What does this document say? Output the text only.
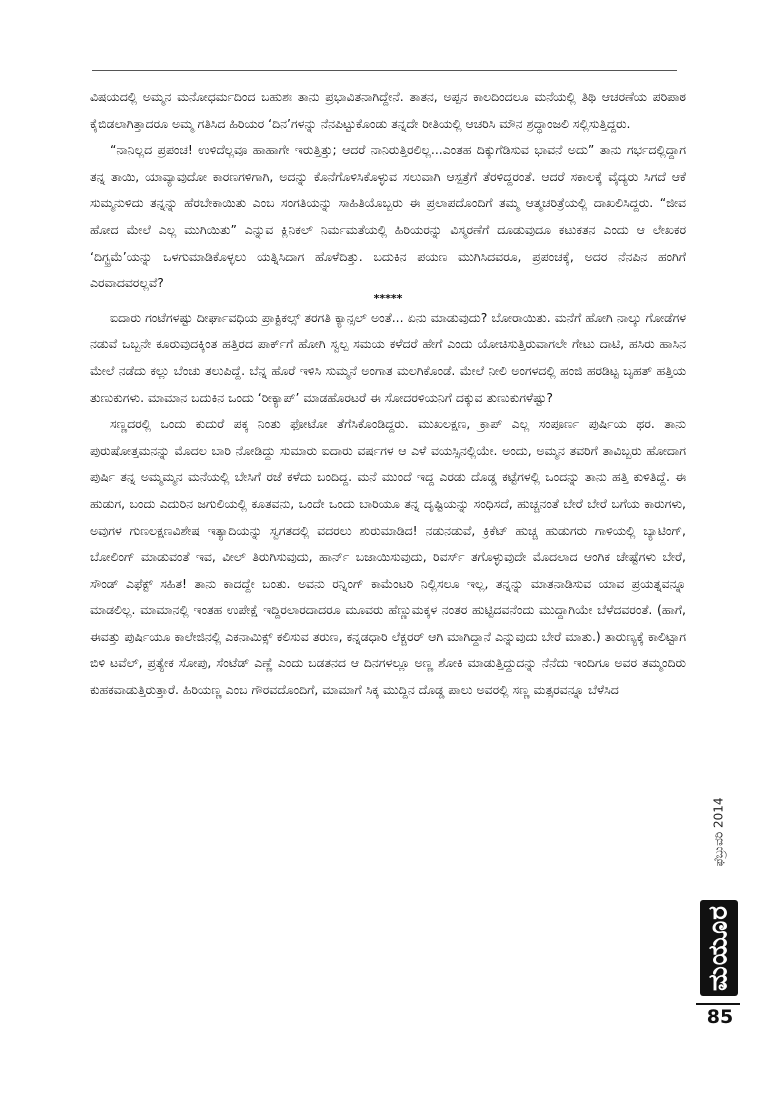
ವಿಷಯದಲ್ಲಿ ಅಮ್ಮನ ಮನೋಧರ್ಮದಿಂದ ಬಹುಶಃ ತಾನು ಪ್ರಭಾವಿತನಾಗಿದ್ದೇನೆ. ತಾತನ, ಅಪ್ಪನ ಕಾಲದಿಂದಲೂ ಮನೆಯಲ್ಲಿ ತಿಥಿ ಆಚರಣೆಯ ಪರಿಪಾಠ ಕೈಬಿಡಲಾಗಿತ್ತಾದರೂ ಅಮ್ಮ ಗತಿಸಿದ ಹಿರಿಯರ ‘ದಿನ’ಗಳನ್ನು ನೆನಪಿಟ್ಟುಕೊಂಡು ತನ್ನದೇ ರೀತಿಯಲ್ಲಿ ಆಚರಿಸಿ ಮೌನ ಶ್ರದ್ಧಾಂಜಲಿ ಸಲ್ಲಿಸುತ್ತಿದ್ದರು.

“ನಾನಿಲ್ಲದ ಪ್ರಪಂಚ! ಉಳಿದೆಲ್ಲವೂ ಹಾಹಾಗೇ ಇರುತ್ತಿತ್ತು; ಆದರೆ ನಾನಿರುತ್ತಿರಲಿಲ್ಲ...ಎಂತಹ ದಿಕ್ಕುಗೆಡಿಸುವ ಭಾವನೆ ಅದು” ತಾನು ಗರ್ಭದಲ್ಲಿದ್ದಾಗ ತನ್ನ ತಾಯಿ, ಯಾವ್ಯಾವುದೋ ಕಾರಣಗಳಿಗಾಗಿ, ಅದನ್ನು ಕೊನೆಗೊಳಿಸಿಕೊಳ್ಳುವ ಸಲುವಾಗಿ ಆಸ್ಪತ್ರೆಗೆ ತೆರಳಿದ್ದರಂತೆ. ಆದರೆ ಸಕಾಲಕ್ಕೆ ವೈದ್ಯರು ಸಿಗದೆ ಆಕೆ ಸುಮ್ಮನುಳಿದು ತನ್ನನ್ನು ಹೆರಬೇಕಾಯಿತು ಎಂಬ ಸಂಗತಿಯನ್ನು ಸಾಹಿತಿಯೊಬ್ಬರು ಈ ಪ್ರಲಾಪದೊಂದಿಗೆ ತಮ್ಮ ಆತ್ಮಚರಿತ್ರೆಯಲ್ಲಿ ದಾಖಲಿಸಿದ್ದರು. “ಜೀವ ಹೋದ ಮೇಲೆ ಎಲ್ಲ ಮುಗಿಯಿತು” ಎನ್ನುವ ಕ್ಲಿನಿಕಲ್ ನಿರ್ಮಮತೆಯಲ್ಲಿ ಹಿರಿಯರನ್ನು ವಿಸ್ಮರಣೆಗೆ ದೂಡುವುದೂ ಕಟುಕತನ ಎಂದು ಆ ಲೇಖಕರ ‘ದಿಗ್ಭ್ರಮೆ’ಯನ್ನು ಒಳಗುಮಾಡಿಕೊಳ್ಳಲು ಯತ್ನಿಸಿದಾಗ ಹೊಳೆದಿತ್ತು. ಬದುಕಿನ ಪಯಣ ಮುಗಿಸಿದವರೂ, ಪ್ರಪಂಚಕ್ಕೆ, ಅದರ ನೆನಪಿನ ಹಂಗಿಗೆ ಎರವಾದವರಲ್ಲವೆ?

*****

ಐದಾರು ಗಂಟೆಗಳಷ್ಟು ದೀರ್ಘಾವಧಿಯ ಪ್ರಾಕ್ಟಿಕಲ್ಸ್ ತರಗತಿ ಕ್ಯಾನ್ಸಲ್ ಅಂತೆ... ಏನು ಮಾಡುವುದು? ಬೋರಾಯಿತು. ಮನೆಗೆ ಹೋಗಿ ನಾಲ್ಕು ಗೋಡೆಗಳ ನಡುವೆ ಒಬ್ಬನೇ ಕೂರುವುದಕ್ಕಿಂತ ಹತ್ತಿರದ ಪಾರ್ಕ್‌ಗೆ ಹೋಗಿ ಸ್ವಲ್ಪ ಸಮಯ ಕಳೆದರೆ ಹೇಗೆ ಎಂದು ಯೋಚಿಸುತ್ತಿರುವಾಗಲೇ ಗೇಟು ದಾಟಿ, ಹಸಿರು ಹಾಸಿನ ಮೇಲೆ ನಡೆದು ಕಲ್ಲು ಬೆಂಚು ತಲುಪಿದ್ದೆ. ಬೆನ್ನ ಹೊರೆ ಇಳಿಸಿ ಸುಮ್ಮನೆ ಅಂಗಾತ ಮಲಗಿಕೊಂಡೆ. ಮೇಲೆ ನೀಲಿ ಅಂಗಳದಲ್ಲಿ ಹಂಜಿ ಹರಡಿಟ್ಟ ಬೃಹತ್ ಹತ್ತಿಯ ತುಣುಕುಗಳು. ಮಾಮಾನ ಬದುಕಿನ ಒಂದು ‘ರೀಕ್ಯಾಪ್’ ಮಾಡಹೊರಟರೆ ಈ ಸೋದರಳಿಯನಿಗೆ ದಕ್ಕುವ ತುಣುಕುಗಳೆಷ್ಟು?

ಸಣ್ಣದರಲ್ಲಿ ಒಂದು ಕುದುರೆ ಪಕ್ಕ ನಿಂತು ಫೋಟೋ ತೆಗೆಸಿಕೊಂಡಿದ್ದರು. ಮುಖಲಕ್ಷಣ, ಕ್ರಾಪ್ ಎಲ್ಲ ಸಂಪೂರ್ಣ ಪುರ್ಷಿಯ ಥರ. ತಾನು ಪುರುಷೋತ್ತಮನನ್ನು ಮೊದಲ ಬಾರಿ ನೋಡಿದ್ದು ಸುಮಾರು ಐದಾರು ವರ್ಷಗಳ ಆ ಎಳೆ ವಯಸ್ಸಿನಲ್ಲಿಯೇ. ಅಂದು, ಅಮ್ಮನ ತವರಿಗೆ ತಾವಿಬ್ಬರು ಹೋದಾಗ ಪುರ್ಷಿ ತನ್ನ ಅಮ್ಮಮ್ಮನ ಮನೆಯಲ್ಲಿ ಬೇಸಿಗೆ ರಜೆ ಕಳೆದು ಬಂದಿದ್ದ. ಮನೆ ಮುಂದೆ ಇದ್ದ ಎರಡು ದೊಡ್ಡ ಕಟ್ಟೆಗಳಲ್ಲಿ ಒಂದನ್ನು ತಾನು ಹತ್ತಿ ಕುಳಿತಿದ್ದೆ. ಈ ಹುಡುಗ, ಬಂದು ಎದುರಿನ ಜಗುಲಿಯಲ್ಲಿ ಕೂತವನು, ಒಂದೇ ಒಂದು ಬಾರಿಯೂ ತನ್ನ ದೃಷ್ಟಿಯನ್ನು ಸಂಧಿಸದೆ, ಹುಚ್ಚನಂತೆ ಬೇರೆ ಬೇರೆ ಬಗೆಯ ಕಾರುಗಳು, ಅವುಗಳ ಗುಣಲಕ್ಷಣವಿಶೇಷ ಇತ್ಯಾದಿಯನ್ನು ಸ್ವಗತದಲ್ಲಿ ವದರಲು ಶುರುಮಾಡಿದ! ನಡುನಡುವೆ, ಕ್ರಿಕೆಟ್ ಹುಚ್ಚ ಹುಡುಗರು ಗಾಳಿಯಲ್ಲಿ ಬ್ಯಾಟಿಂಗ್, ಬೋಲಿಂಗ್ ಮಾಡುವಂತೆ ಇವ, ವೀಲ್ ತಿರುಗಿಸುವುದು, ಹಾರ್ನ್ ಬಜಾಯಿಸುವುದು, ರಿವರ್ಸ್ ತಗೊಳ್ಳುವುದೇ ಮೊದಲಾದ ಆಂಗಿಕ ಚೇಷ್ಟೆಗಳು ಬೇರೆ, ಸೌಂಡ್ ಎಫೆಕ್ಟ್ ಸಹಿತ! ತಾನು ಕಾದದ್ದೇ ಬಂತು. ಅವನು ರನ್ನಿಂಗ್ ಕಾಮೆಂಟರಿ ನಿಲ್ಲಿಸಲೂ ಇಲ್ಲ, ತನ್ನನ್ನು ಮಾತನಾಡಿಸುವ ಯಾವ ಪ್ರಯತ್ನವನ್ನೂ ಮಾಡಲಿಲ್ಲ. ಮಾಮಾನಲ್ಲಿ ಇಂತಹ ಉಪೇಕ್ಷೆ ಇದ್ದಿರಲಾರದಾದರೂ ಮೂವರು ಹೆಣ್ಣುಮಕ್ಕಳ ನಂತರ ಹುಟ್ಟಿದವನೆಂದು ಮುದ್ದಾಗಿಯೇ ಬೆಳೆದವರಂತೆ. (ಹಾಗೆ, ಈವತ್ತು ಪುರ್ಷಿಯೂ ಕಾಲೇಜಿನಲ್ಲಿ ಎಕನಾಮಿಕ್ಸ್ ಕಲಿಸುವ ತರುಣ, ಕನ್ನಡಧಾರಿ ಲೆಕ್ಚರರ್ ಆಗಿ ಮಾಗಿದ್ದಾನೆ ಎನ್ನುವುದು ಬೇರೆ ಮಾತು.) ತಾರುಣ್ಯಕ್ಕೆ ಕಾಲಿಟ್ಟಾಗ ಬಿಳಿ ಟವೆಲ್, ಪ್ರತ್ಯೇಕ ಸೋಪು, ಸೆಂಟೆಡ್ ಎಣ್ಣೆ ಎಂದು ಬಡತನದ ಆ ದಿನಗಳಲ್ಲೂ ಅಣ್ಣ ಶೋಕಿ ಮಾಡುತ್ತಿದ್ದುದನ್ನು ನೆನೆದು ಇಂದಿಗೂ ಅವರ ತಮ್ಮಂದಿರು ಕುಹಕವಾಡುತ್ತಿರುತ್ತಾರೆ. ಹಿರಿಯಣ್ಣ ಎಂಬ ಗೌರವದೊಂದಿಗೆ, ಮಾಮಾಗೆ ಸಿಕ್ಕ ಮುದ್ದಿನ ದೊಡ್ಡ ಪಾಲು ಅವರಲ್ಲಿ ಸಣ್ಣ ಮತ್ಸರವನ್ನೂ ಬೆಳೆಸಿದ

ಫೆಬ್ರುವರಿ 2014
ಮಯೂರ
85
